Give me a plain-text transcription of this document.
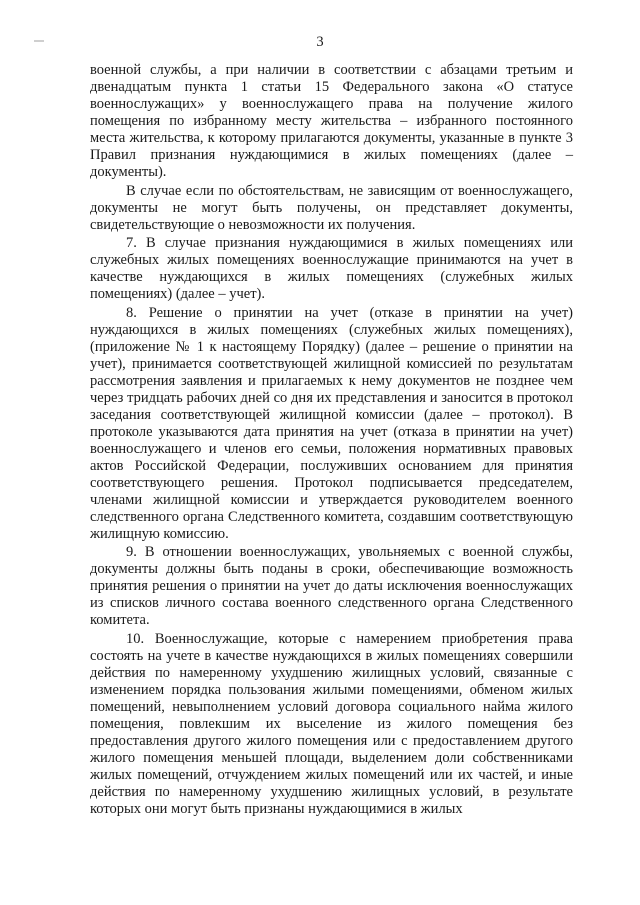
3

военной службы, а при наличии в соответствии с абзацами третьим и двенадцатым пункта 1 статьи 15 Федерального закона «О статусе военнослужащих» у военнослужащего права на получение жилого помещения по избранному месту жительства – избранного постоянного места жительства, к которому прилагаются документы, указанные в пункте 3 Правил признания нуждающимися в жилых помещениях (далее – документы).

В случае если по обстоятельствам, не зависящим от военнослужащего, документы не могут быть получены, он представляет документы, свидетельствующие о невозможности их получения.

7. В случае признания нуждающимися в жилых помещениях или служебных жилых помещениях военнослужащие принимаются на учет в качестве нуждающихся в жилых помещениях (служебных жилых помещениях) (далее – учет).

8. Решение о принятии на учет (отказе в принятии на учет) нуждающихся в жилых помещениях (служебных жилых помещениях), (приложение № 1 к настоящему Порядку) (далее – решение о принятии на учет), принимается соответствующей жилищной комиссией по результатам рассмотрения заявления и прилагаемых к нему документов не позднее чем через тридцать рабочих дней со дня их представления и заносится в протокол заседания соответствующей жилищной комиссии (далее – протокол). В протоколе указываются дата принятия на учет (отказа в принятии на учет) военнослужащего и членов его семьи, положения нормативных правовых актов Российской Федерации, послуживших основанием для принятия соответствующего решения. Протокол подписывается председателем, членами жилищной комиссии и утверждается руководителем военного следственного органа Следственного комитета, создавшим соответствующую жилищную комиссию.

9. В отношении военнослужащих, увольняемых с военной службы, документы должны быть поданы в сроки, обеспечивающие возможность принятия решения о принятии на учет до даты исключения военнослужащих из списков личного состава военного следственного органа Следственного комитета.

10. Военнослужащие, которые с намерением приобретения права состоять на учете в качестве нуждающихся в жилых помещениях совершили действия по намеренному ухудшению жилищных условий, связанные с изменением порядка пользования жилыми помещениями, обменом жилых помещений, невыполнением условий договора социального найма жилого помещения, повлекшим их выселение из жилого помещения без предоставления другого жилого помещения или с предоставлением другого жилого помещения меньшей площади, выделением доли собственниками жилых помещений, отчуждением жилых помещений или их частей, и иные действия по намеренному ухудшению жилищных условий, в результате которых они могут быть признаны нуждающимися в жилых
